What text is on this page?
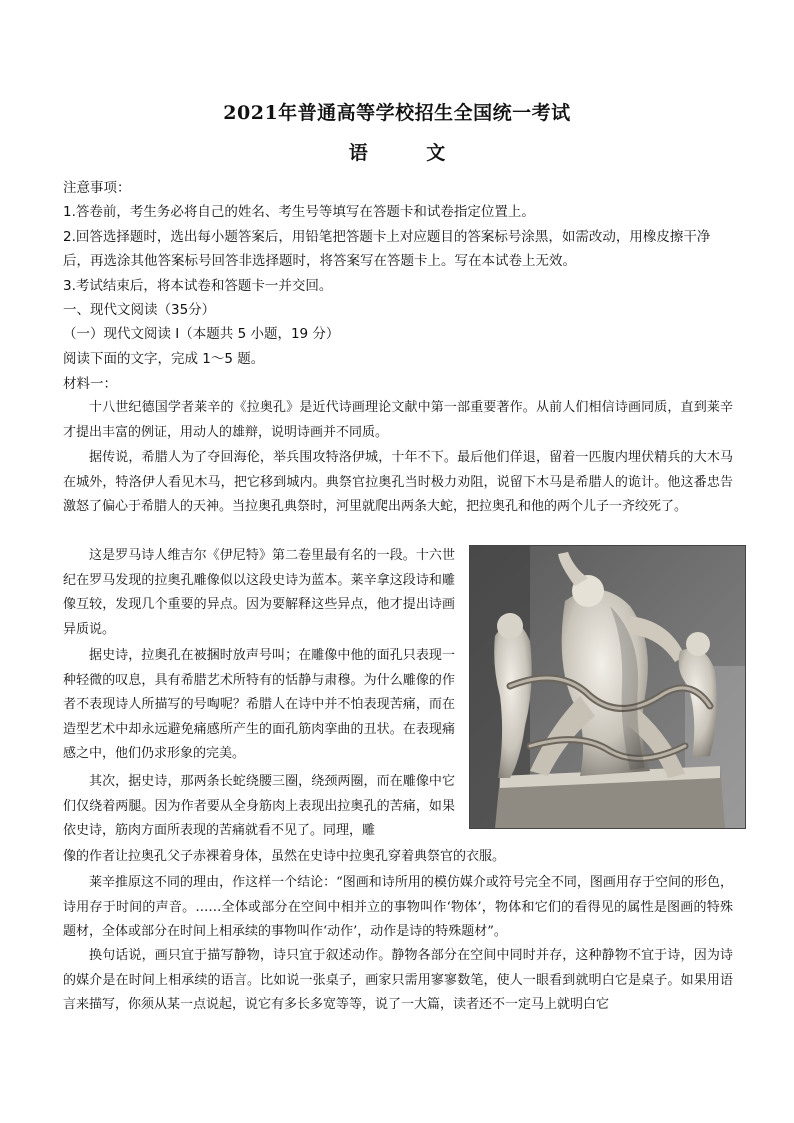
2021年普通高等学校招生全国统一考试
语 文
注意事项：
1.答卷前，考生务必将自己的姓名、考生号等填写在答题卡和试卷指定位置上。
2.回答选择题时，选出每小题答案后，用铅笔把答题卡上对应题目的答案标号涂黑，如需改动，用橡皮擦干净
后，再选涂其他答案标号回答非选择题时，将答案写在答题卡上。写在本试卷上无效。
3.考试结束后，将本试卷和答题卡一并交回。
一、现代文阅读（35分）
（一）现代文阅读 I（本题共 5 小题，19 分）
阅读下面的文字，完成 1～5 题。
材料一：

十八世纪德国学者莱辛的《拉奥孔》是近代诗画理论文献中第一部重要著作。从前人们相信诗画同质，直到莱辛才提出丰富的例证，用动人的雄辩，说明诗画并不同质。

据传说，希腊人为了夺回海伦，举兵围攻特洛伊城，十年不下。最后他们佯退，留着一匹腹内埋伏精兵的大木马在城外，特洛伊人看见木马，把它移到城内。典祭官拉奥孔当时极力劝阻，说留下木马是希腊人的诡计。他这番忠告激怒了偏心于希腊人的天神。当拉奥孔典祭时，河里就爬出两条大蛇，把拉奥孔和他的两个儿子一齐绞死了。

这是罗马诗人维吉尔《伊尼特》第二卷里最有名的一段。十六世纪在罗马发现的拉奥孔雕像似以这段史诗为蓝本。莱辛拿这段诗和雕像互较，发现几个重要的异点。因为要解释这些异点，他才提出诗画异质说。

据史诗，拉奥孔在被捆时放声号叫；在雕像中他的面孔只表现一种轻微的叹息，具有希腊艺术所特有的恬静与肃穆。为什么雕像的作者不表现诗人所描写的号啕呢？希腊人在诗中并不怕表现苦痛，而在造型艺术中却永远避免痛感所产生的面孔筋肉挛曲的丑状。在表现痛感之中，他们仍求形象的完美。

其次，据史诗，那两条长蛇绕腰三圈，绕颈两圈，而在雕像中它们仅绕着两腿。因为作者要从全身筋肉上表现出拉奥孔的苦痛，如果依史诗，筋肉方面所表现的苦痛就看不见了。同理，雕

像的作者让拉奥孔父子赤裸着身体，虽然在史诗中拉奥孔穿着典祭官的衣服。

莱辛推原这不同的理由，作这样一个结论：“图画和诗所用的模仿媒介或符号完全不同，图画用存于空间的形色，诗用存于时间的声音。……全体或部分在空间中相并立的事物叫作‘物体’，物体和它们的看得见的属性是图画的特殊题材，全体或部分在时间上相承续的事物叫作‘动作’，动作是诗的特殊题材”。

换句话说，画只宜于描写静物，诗只宜于叙述动作。静物各部分在空间中同时并存，这种静物不宜于诗，因为诗的媒介是在时间上相承续的语言。比如说一张桌子，画家只需用寥寥数笔，使人一眼看到就明白它是桌子。如果用语言来描写，你须从某一点说起，说它有多长多宽等等，说了一大篇，读者还不一定马上就明白它
